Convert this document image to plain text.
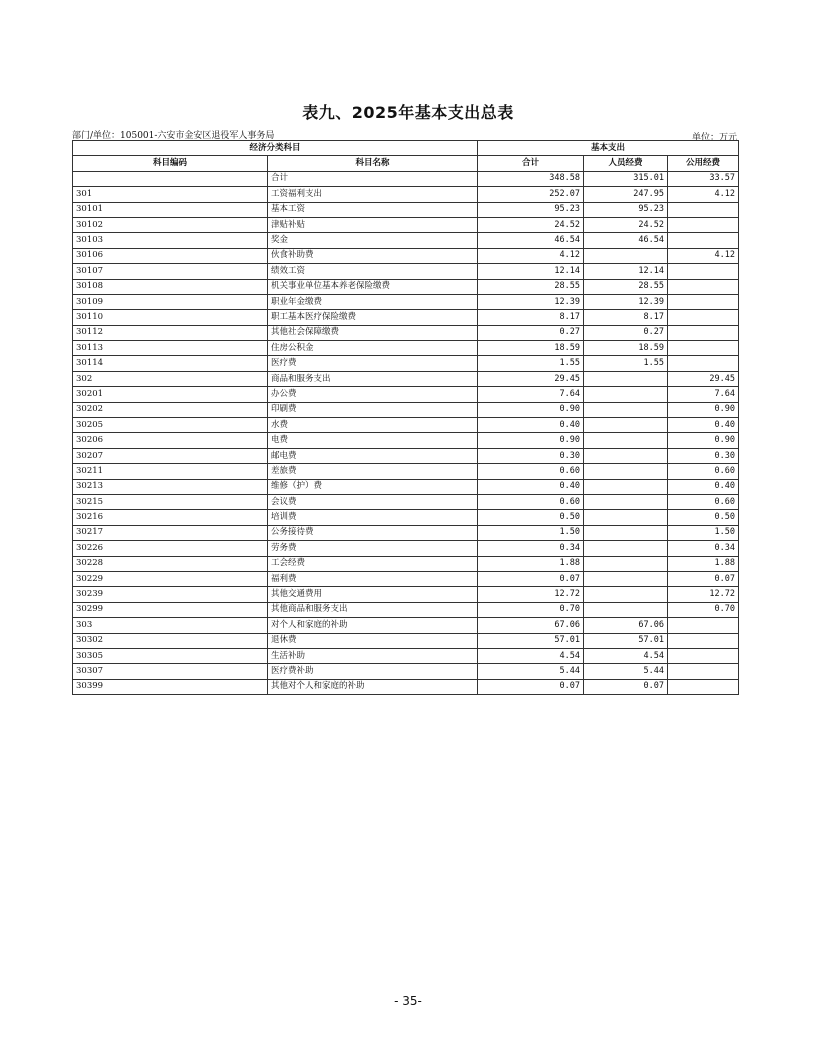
表九、2025年基本支出总表
部门/单位：105001-六安市金安区退役军人事务局	单位：万元
经济分类科目		基本支出		
科目编码	科目名称	合计	人员经费	公用经费
	合计	348.58	315.01	33.57
301	工资福利支出	252.07	247.95	4.12
30101	基本工资	95.23	95.23	
30102	津贴补贴	24.52	24.52	
30103	奖金	46.54	46.54	
30106	伙食补助费	4.12		4.12
30107	绩效工资	12.14	12.14	
30108	机关事业单位基本养老保险缴费	28.55	28.55	
30109	职业年金缴费	12.39	12.39	
30110	职工基本医疗保险缴费	8.17	8.17	
30112	其他社会保障缴费	0.27	0.27	
30113	住房公积金	18.59	18.59	
30114	医疗费	1.55	1.55	
302	商品和服务支出	29.45		29.45
30201	办公费	7.64		7.64
30202	印刷费	0.90		0.90
30205	水费	0.40		0.40
30206	电费	0.90		0.90
30207	邮电费	0.30		0.30
30211	差旅费	0.60		0.60
30213	维修（护）费	0.40		0.40
30215	会议费	0.60		0.60
30216	培训费	0.50		0.50
30217	公务接待费	1.50		1.50
30226	劳务费	0.34		0.34
30228	工会经费	1.88		1.88
30229	福利费	0.07		0.07
30239	其他交通费用	12.72		12.72
30299	其他商品和服务支出	0.70		0.70
303	对个人和家庭的补助	67.06	67.06	
30302	退休费	57.01	57.01	
30305	生活补助	4.54	4.54	
30307	医疗费补助	5.44	5.44	
30399	其他对个人和家庭的补助	0.07	0.07	
- 35-
